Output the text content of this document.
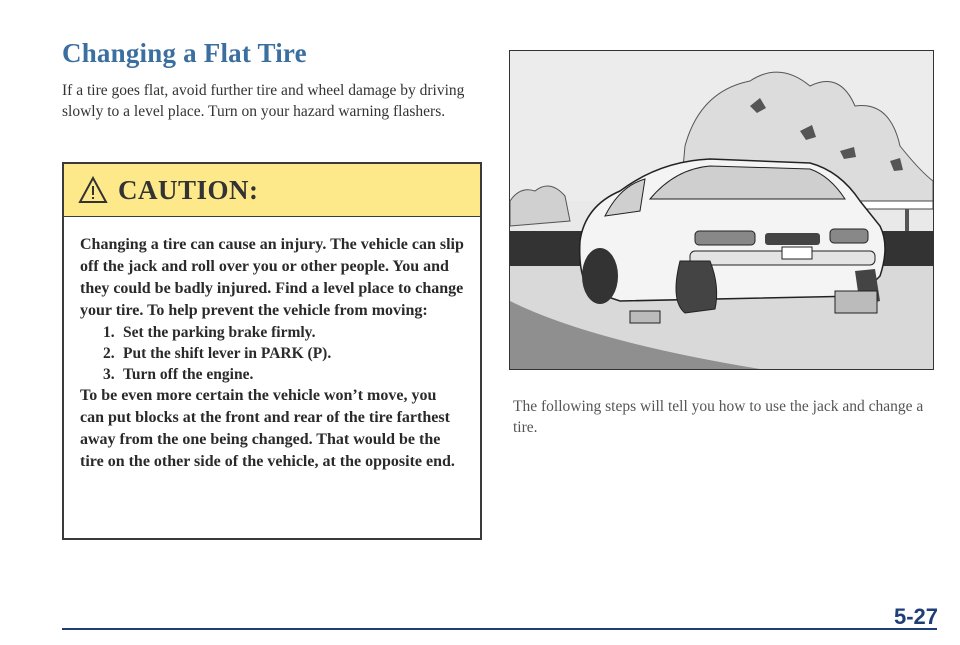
Changing a Flat Tire
If a tire goes flat, avoid further tire and wheel damage by driving slowly to a level place. Turn on your hazard warning flashers.
CAUTION:

Changing a tire can cause an injury. The vehicle can slip off the jack and roll over you or other people. You and they could be badly injured. Find a level place to change your tire. To help prevent the vehicle from moving:

1. Set the parking brake firmly.
2. Put the shift lever in PARK (P).
3. Turn off the engine.

To be even more certain the vehicle won’t move, you can put blocks at the front and rear of the tire farthest away from the one being changed. That would be the tire on the other side of the vehicle, at the opposite end.

The following steps will tell you how to use the jack and change a tire.
5-27
